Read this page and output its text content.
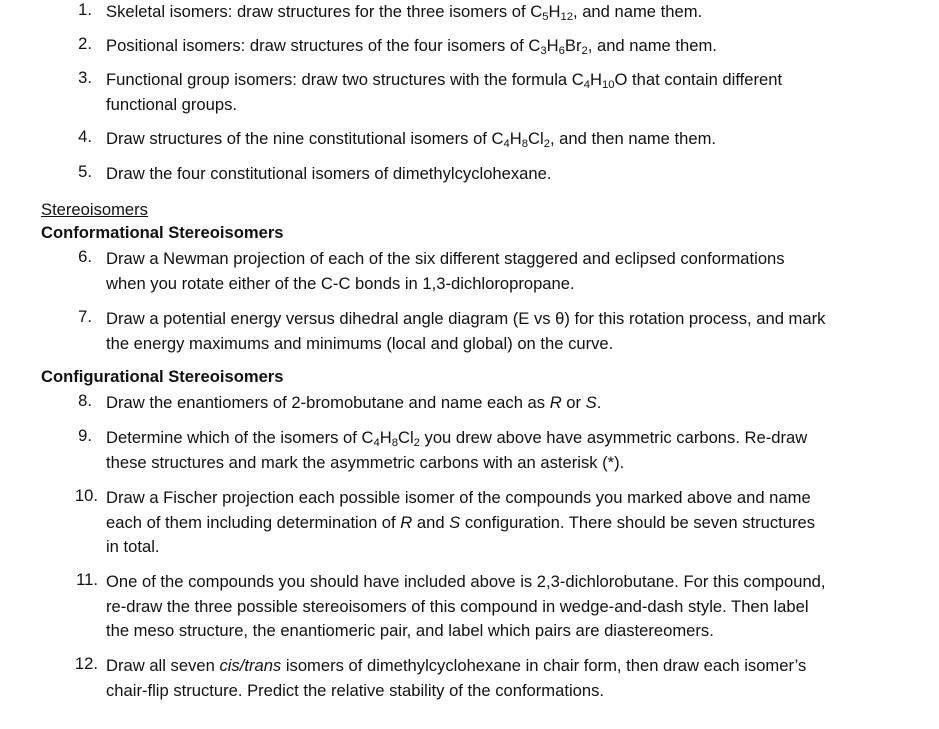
1. Skeletal isomers: draw structures for the three isomers of $C_5H_{12}$, and name them.
2. Positional isomers: draw structures of the four isomers of $C_3H_6Br_2$, and name them.
3. Functional group isomers: draw two structures with the formula $C_4H_{10}O$ that contain different
functional groups.
4. Draw structures of the nine constitutional isomers of $C_4H_8Cl_2$, and then name them.
5. Draw the four constitutional isomers of dimethylcyclohexane.
Stereoisomers
Conformational Stereoisomers
6. Draw a Newman projection of each of the six different staggered and eclipsed conformations
when you rotate either of the C-C bonds in 1,3-dichloropropane.
7. Draw a potential energy versus dihedral angle diagram (E vs θ) for this rotation process, and mark
the energy maximums and minimums (local and global) on the curve.
Configurational Stereoisomers
8. Draw the enantiomers of 2-bromobutane and name each as R or S.
9. Determine which of the isomers of $C_4H_8Cl_2$ you drew above have asymmetric carbons. Re-draw
these structures and mark the asymmetric carbons with an asterisk (*).
10. Draw a Fischer projection each possible isomer of the compounds you marked above and name
each of them including determination of R and S configuration. There should be seven structures
in total.
11. One of the compounds you should have included above is 2,3-dichlorobutane. For this compound,
re-draw the three possible stereoisomers of this compound in wedge-and-dash style. Then label
the meso structure, the enantiomeric pair, and label which pairs are diastereomers.
12. Draw all seven cis/trans isomers of dimethylcyclohexane in chair form, then draw each isomer’s
chair-flip structure. Predict the relative stability of the conformations.
